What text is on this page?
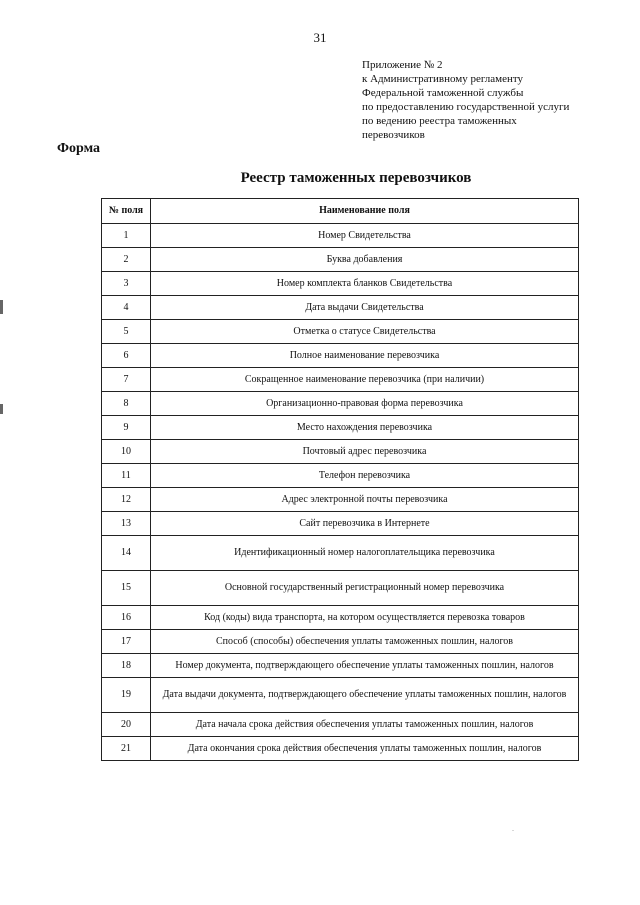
31
Приложение № 2
к Административному регламенту
Федеральной таможенной службы
по предоставлению государственной услуги
по ведению реестра таможенных
перевозчиков
Форма
Реестр таможенных перевозчиков
№ поля	Наименование поля
1	Номер Свидетельства
2	Буква добавления
3	Номер комплекта бланков Свидетельства
4	Дата выдачи Свидетельства
5	Отметка о статусе Свидетельства
6	Полное наименование перевозчика
7	Сокращенное наименование перевозчика (при наличии)
8	Организационно-правовая форма перевозчика
9	Место нахождения перевозчика
10	Почтовый адрес перевозчика
11	Телефон перевозчика
12	Адрес электронной почты перевозчика
13	Сайт перевозчика в Интернете
14	Идентификационный номер налогоплательщика перевозчика
15	Основной государственный регистрационный номер перевозчика
16	Код (коды) вида транспорта, на котором осуществляется перевозка товаров
17	Способ (способы) обеспечения уплаты таможенных пошлин, налогов
18	Номер документа, подтверждающего обеспечение уплаты таможенных пошлин, налогов
19	Дата выдачи документа, подтверждающего обеспечение уплаты таможенных пошлин, налогов
20	Дата начала срока действия обеспечения уплаты таможенных пошлин, налогов
21	Дата окончания срока действия обеспечения уплаты таможенных пошлин, налогов
.
